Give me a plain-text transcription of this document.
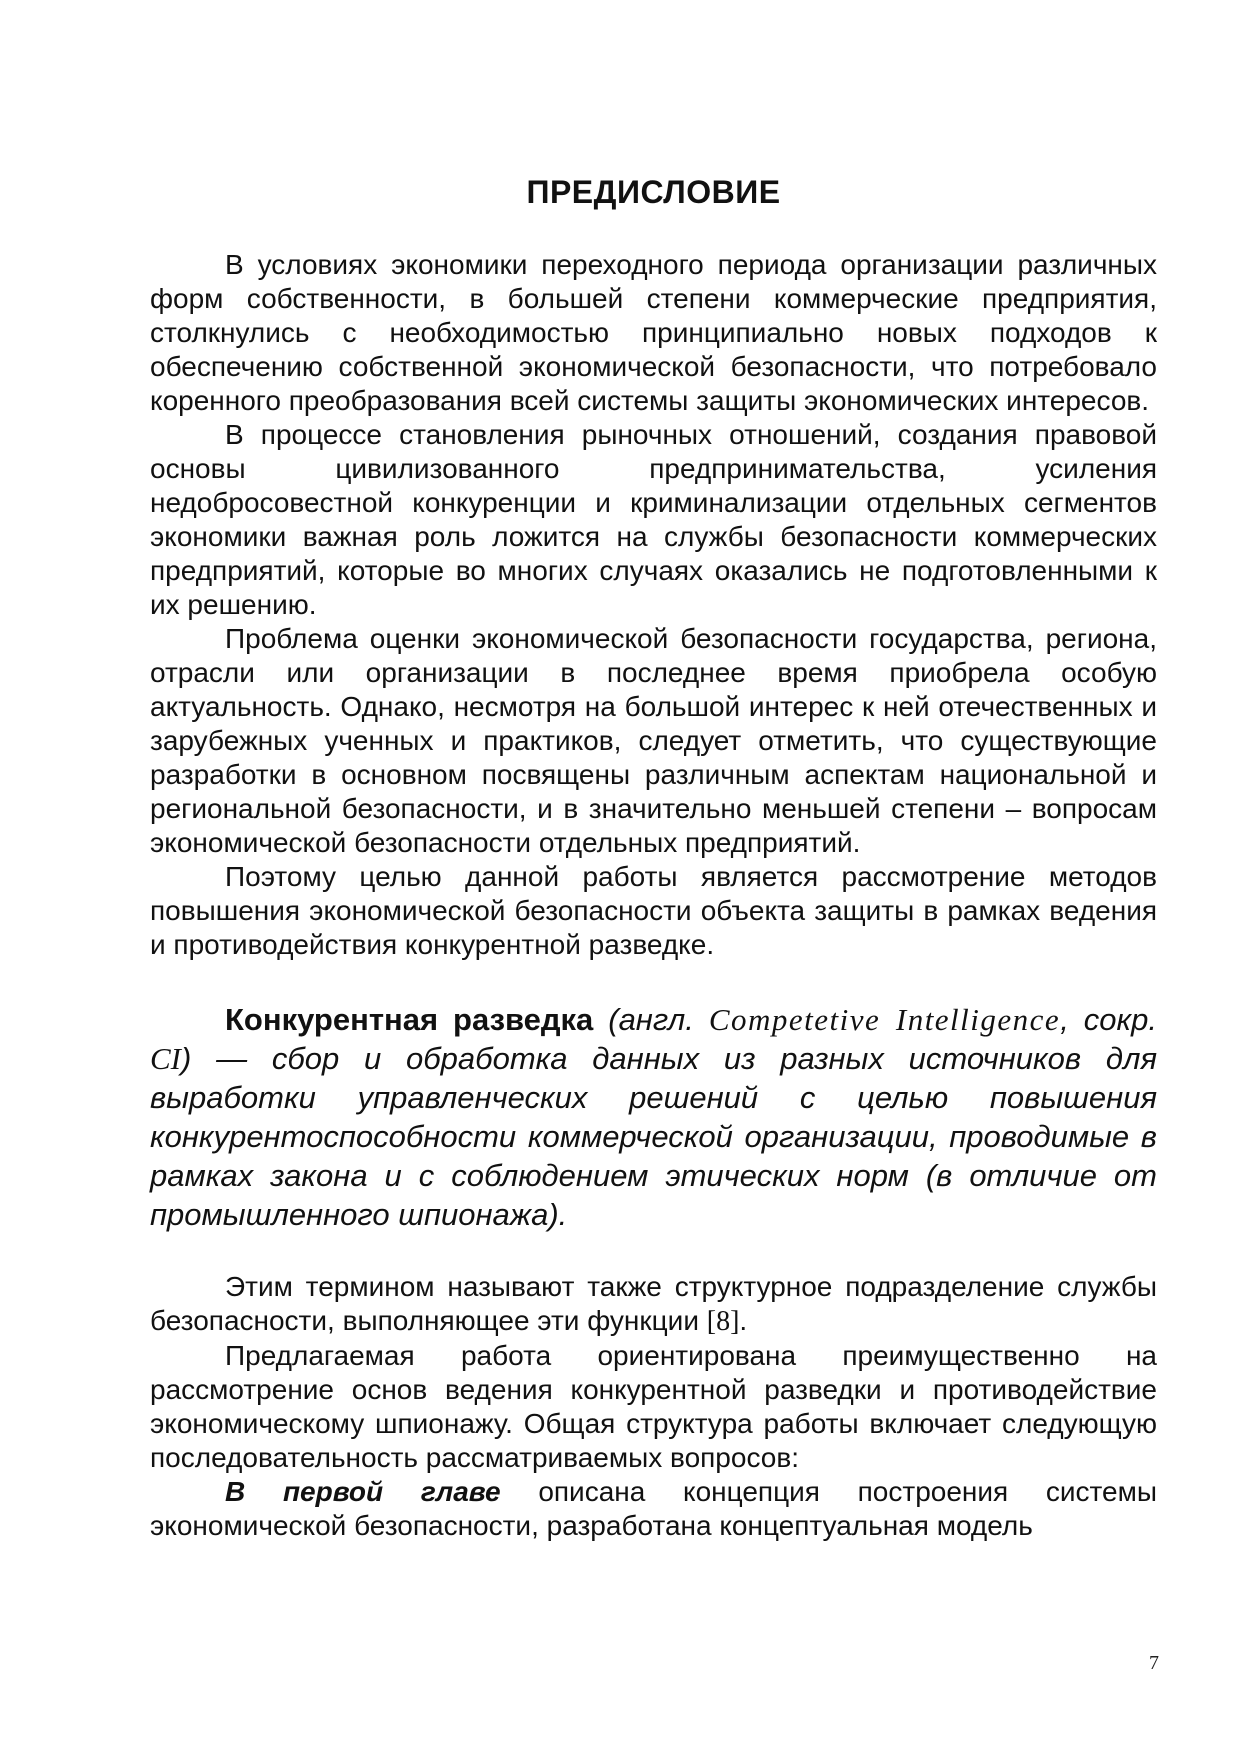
ПРЕДИСЛОВИЕ

В условиях экономики переходного периода организации различных форм собственности, в большей степени коммерческие предприятия, столкнулись с необходимостью принципиально новых подходов к обеспечению собственной экономической безопасности, что потребовало коренного преобразования всей системы защиты экономических интересов.

В процессе становления рыночных отношений, создания правовой основы цивилизованного предпринимательства, усиления недобросовестной конкуренции и криминализации отдельных сегментов экономики важная роль ложится на службы безопасности коммерческих предприятий, которые во многих случаях оказались не подготовленными к их решению.

Проблема оценки экономической безопасности государства, региона, отрасли или организации в последнее время приобрела особую актуальность. Однако, несмотря на большой интерес к ней отечественных и зарубежных ученных и практиков, следует отметить, что существующие разработки в основном посвящены различным аспектам национальной и региональной безопасности, и в значительно меньшей степени – вопросам экономической безопасности отдельных предприятий.

Поэтому целью данной работы является рассмотрение методов повышения экономической безопасности объекта защиты в рамках ведения и противодействия конкурентной разведке.

Конкурентная разведка (англ. Competetive Intelligence, сокр. CI) — сбор и обработка данных из разных источников для выработки управленческих решений с целью повышения конкурентоспособности коммерческой организации, проводимые в рамках закона и с соблюдением этических норм (в отличие от промышленного шпионажа).

Этим термином называют также структурное подразделение службы безопасности, выполняющее эти функции [8].

Предлагаемая работа ориентирована преимущественно на рассмотрение основ ведения конкурентной разведки и противодействие экономическому шпионажу. Общая структура работы включает следующую последовательность рассматриваемых вопросов:

В первой главе описана концепция построения системы экономической безопасности, разработана концептуальная модель

7
